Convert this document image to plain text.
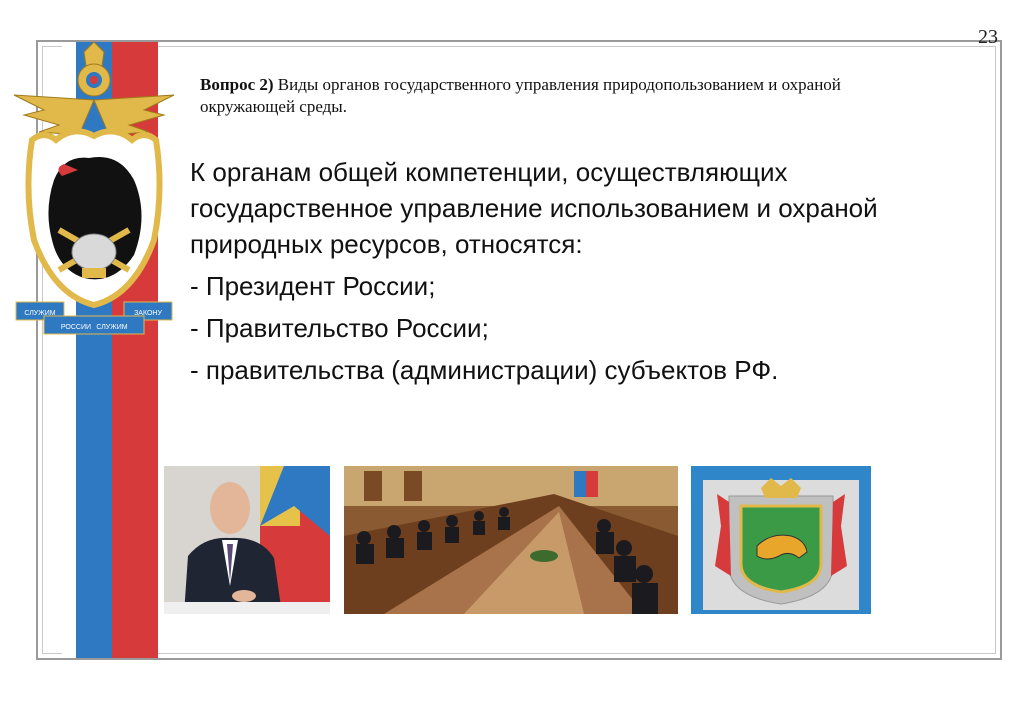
СЛУЖИМ
РОССИИ СЛУЖИМ
ЗАКОНУ
23
Вопрос 2) Виды органов государственного управления природопользованием и охраной окружающей среды.

К органам общей компетенции, осуществляющих государственное управление использованием и охраной природных ресурсов, относятся:

- Президент России;

- Правительство России;

- правительства (администрации) субъектов РФ.
